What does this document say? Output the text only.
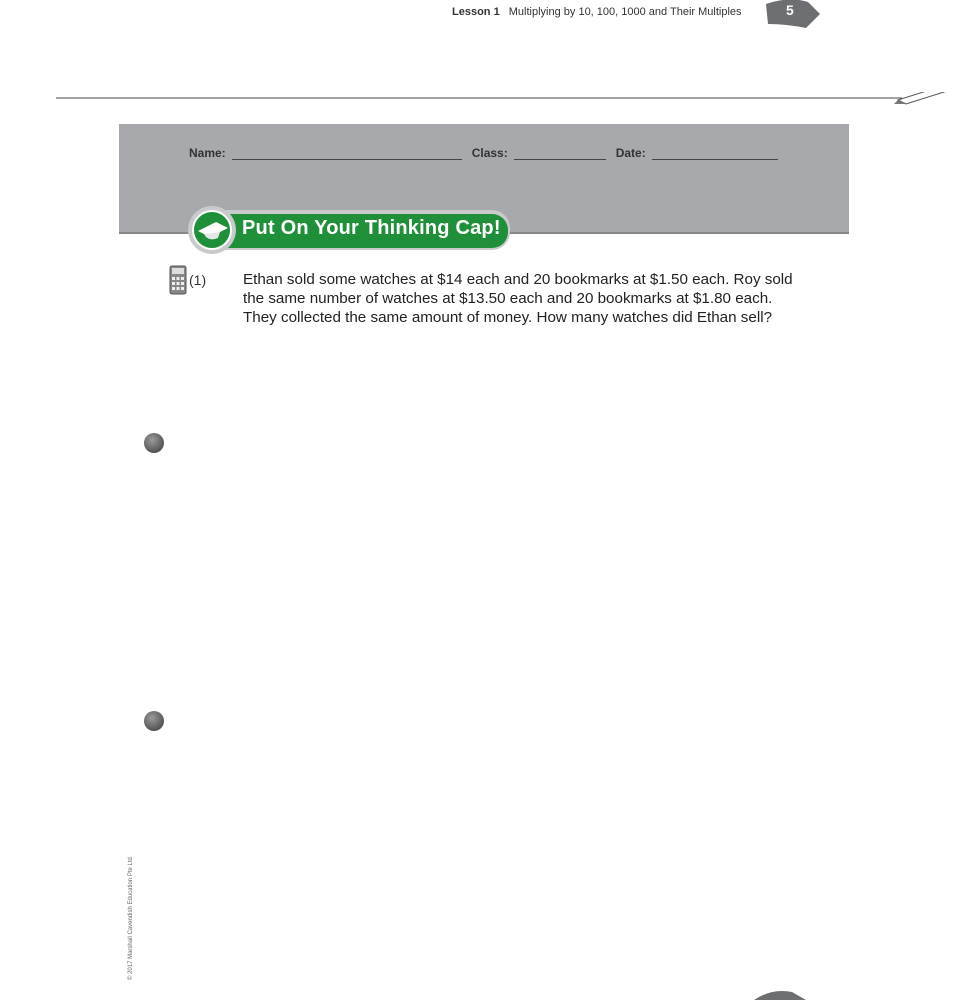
Lesson 1 Multiplying by 10, 100, 1000 and Their Multiples	5
Name:	Class:	Date:
Put On Your Thinking Cap!
(1) Ethan sold some watches at $14 each and 20 bookmarks at $1.50 each. Roy sold the same number of watches at $13.50 each and 20 bookmarks at $1.80 each. They collected the same amount of money. How many watches did Ethan sell?
© 2017 Marshall Cavendish Education Pte Ltd
